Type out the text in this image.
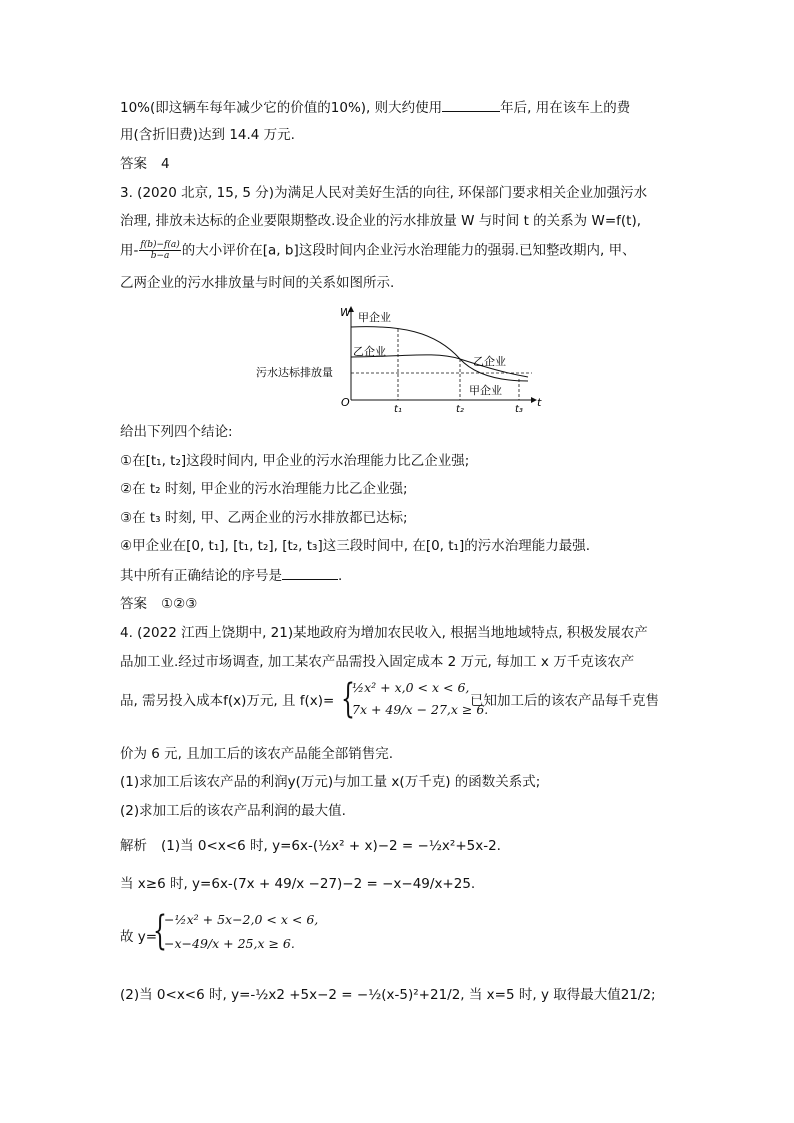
10%(即这辆车每年减少它的价值的10%), 则大约使用	年后, 用在该车上的费
用(含折旧费)达到 14.4 万元.
答案 4
3. (2020 北京, 15, 5 分)为满足人民对美好生活的向往, 环保部门要求相关企业加强污水
治理, 排放未达标的企业要限期整改.设企业的污水排放量 W 与时间 t 的关系为 W=f(t),
用- $\frac{f(b)-f(a)}{b-a}$ 的大小评价在[a, b]这段时间内企业污水治理能力的强弱.已知整改期内, 甲、
乙两企业的污水排放量与时间的关系如图所示.
W
t
O
污水达标排放量
t₁	t₂	t₃
甲企业
乙企业
乙企业
甲企业
给出下列四个结论:
①在[t₁, t₂]这段时间内, 甲企业的污水治理能力比乙企业强;
②在 t₂ 时刻, 甲企业的污水治理能力比乙企业强;
③在 t₃ 时刻, 甲、乙两企业的污水排放都已达标;
④甲企业在[0, t₁], [t₁, t₂], [t₂, t₃]这三段时间中, 在[0, t₁]的污水治理能力最强.
其中所有正确结论的序号是	.
答案 ①②③
4. (2022 江西上饶期中, 21)某地政府为增加农民收入, 根据当地地域特点, 积极发展农产
品加工业.经过市场调查, 加工某农产品需投入固定成本 2 万元, 每加工 x 万千克该农产
品, 需另投入成本f(x)万元, 且 f(x)= {
½x² + x,0 < x < 6,
7x + 49/x − 27,x ≥ 6.
已知加工后的该农产品每千克售
价为 6 元, 且加工后的该农产品能全部销售完.
(1)求加工后该农产品的利润y(万元)与加工量 x(万千克) 的函数关系式;
(2)求加工后的该农产品利润的最大值.
解析 (1)当 0<x<6 时, y=6x-(½x² + x)−2 = −½x²+5x-2.
当 x≥6 时, y=6x-(7x + 49/x −27)−2 = −x−49/x+25.
故 y=
{
−½x² + 5x−2,0 < x < 6,
−x−49/x + 25,x ≥ 6.
(2)当 0<x<6 时, y=-½x2 +5x−2 = −½(x-5)²+21/2, 当 x=5 时, y 取得最大值21/2;
